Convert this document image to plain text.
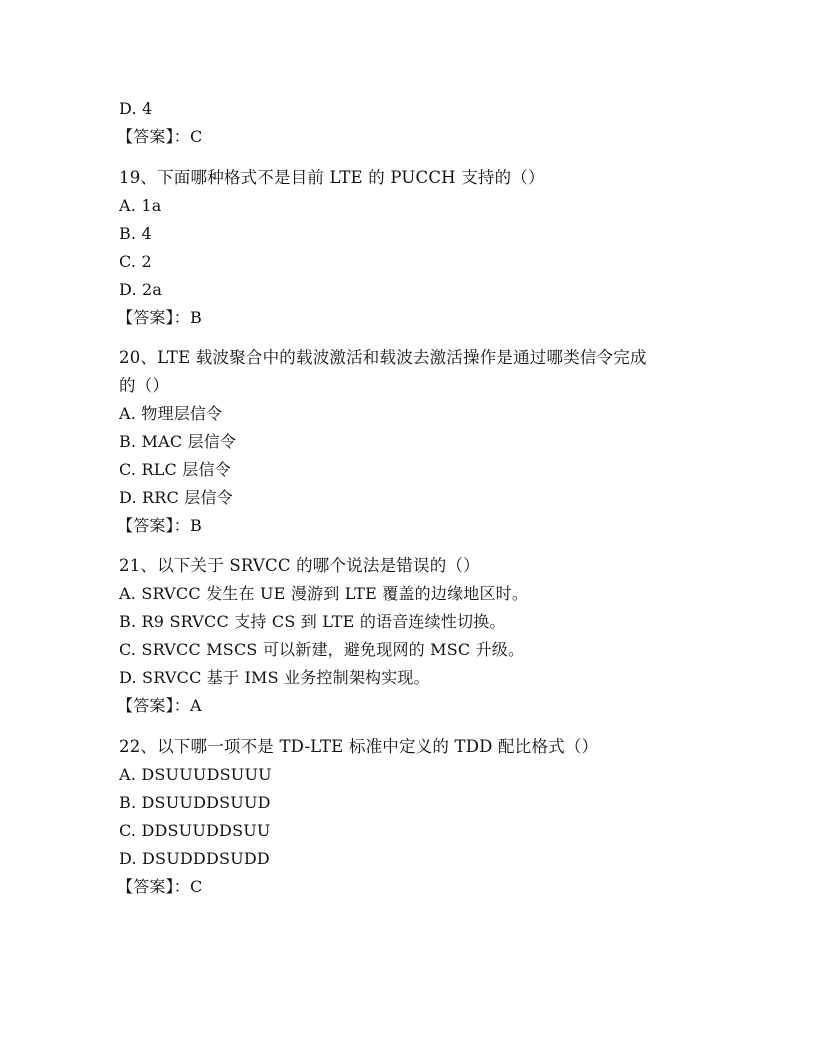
D. 4
【答案】：C
19、下面哪种格式不是目前 LTE 的 PUCCH 支持的（）
A. 1a
B. 4
C. 2
D. 2a
【答案】：B
20、LTE 载波聚合中的载波激活和载波去激活操作是通过哪类信令完成
的（）
A. 物理层信令
B. MAC 层信令
C. RLC 层信令
D. RRC 层信令
【答案】：B
21、以下关于 SRVCC 的哪个说法是错误的（）
A. SRVCC 发生在 UE 漫游到 LTE 覆盖的边缘地区时。
B. R9 SRVCC 支持 CS 到 LTE 的语音连续性切换。
C. SRVCC MSCS 可以新建，避免现网的 MSC 升级。
D. SRVCC 基于 IMS 业务控制架构实现。
【答案】：A
22、以下哪一项不是 TD-LTE 标准中定义的 TDD 配比格式（）
A. DSUUUDSUUU
B. DSUUDDSUUD
C. DDSUUDDSUU
D. DSUDDDSUDD
【答案】：C
